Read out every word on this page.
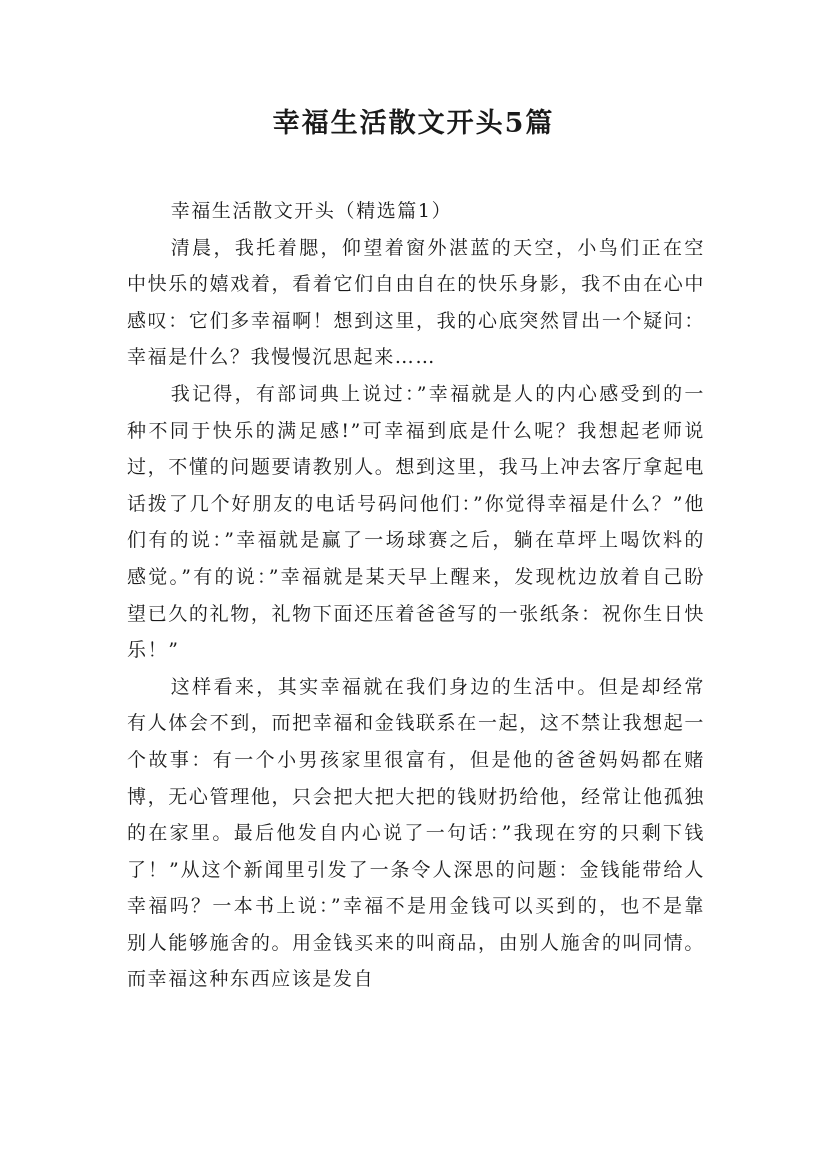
幸福生活散文开头5篇

幸福生活散文开头（精选篇1）

清晨，我托着腮，仰望着窗外湛蓝的天空，小鸟们正在空中快乐的嬉戏着，看着它们自由自在的快乐身影，我不由在心中感叹：它们多幸福啊！想到这里，我的心底突然冒出一个疑问：幸福是什么？我慢慢沉思起来……

我记得，有部词典上说过：”幸福就是人的内心感受到的一种不同于快乐的满足感!”可幸福到底是什么呢？我想起老师说过，不懂的问题要请教别人。想到这里，我马上冲去客厅拿起电话拨了几个好朋友的电话号码问他们：”你觉得幸福是什么？”他们有的说：”幸福就是赢了一场球赛之后，躺在草坪上喝饮料的感觉。”有的说：”幸福就是某天早上醒来，发现枕边放着自己盼望已久的礼物，礼物下面还压着爸爸写的一张纸条：祝你生日快乐！”

这样看来，其实幸福就在我们身边的生活中。但是却经常有人体会不到，而把幸福和金钱联系在一起，这不禁让我想起一个故事：有一个小男孩家里很富有，但是他的爸爸妈妈都在赌博，无心管理他，只会把大把大把的钱财扔给他，经常让他孤独的在家里。最后他发自内心说了一句话：”我现在穷的只剩下钱了！”从这个新闻里引发了一条令人深思的问题：金钱能带给人幸福吗？一本书上说：”幸福不是用金钱可以买到的，也不是靠别人能够施舍的。用金钱买来的叫商品，由别人施舍的叫同情。而幸福这种东西应该是发自
